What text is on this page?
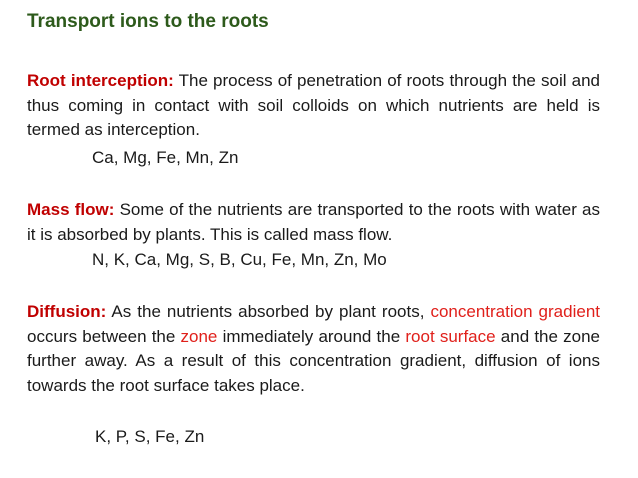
Transport ions to the roots

Root interception: The process of penetration of roots through the soil and thus coming in contact with soil colloids on which nutrients are held is termed as interception.

Ca, Mg, Fe, Mn, Zn

Mass flow: Some of the nutrients are transported to the roots with water as it is absorbed by plants. This is called mass flow.

N, K, Ca, Mg, S, B, Cu, Fe, Mn, Zn, Mo

Diffusion: As the nutrients absorbed by plant roots, concentration gradient occurs between the zone immediately around the root surface and the zone further away. As a result of this concentration gradient, diffusion of ions towards the root surface takes place.

K, P, S, Fe, Zn
